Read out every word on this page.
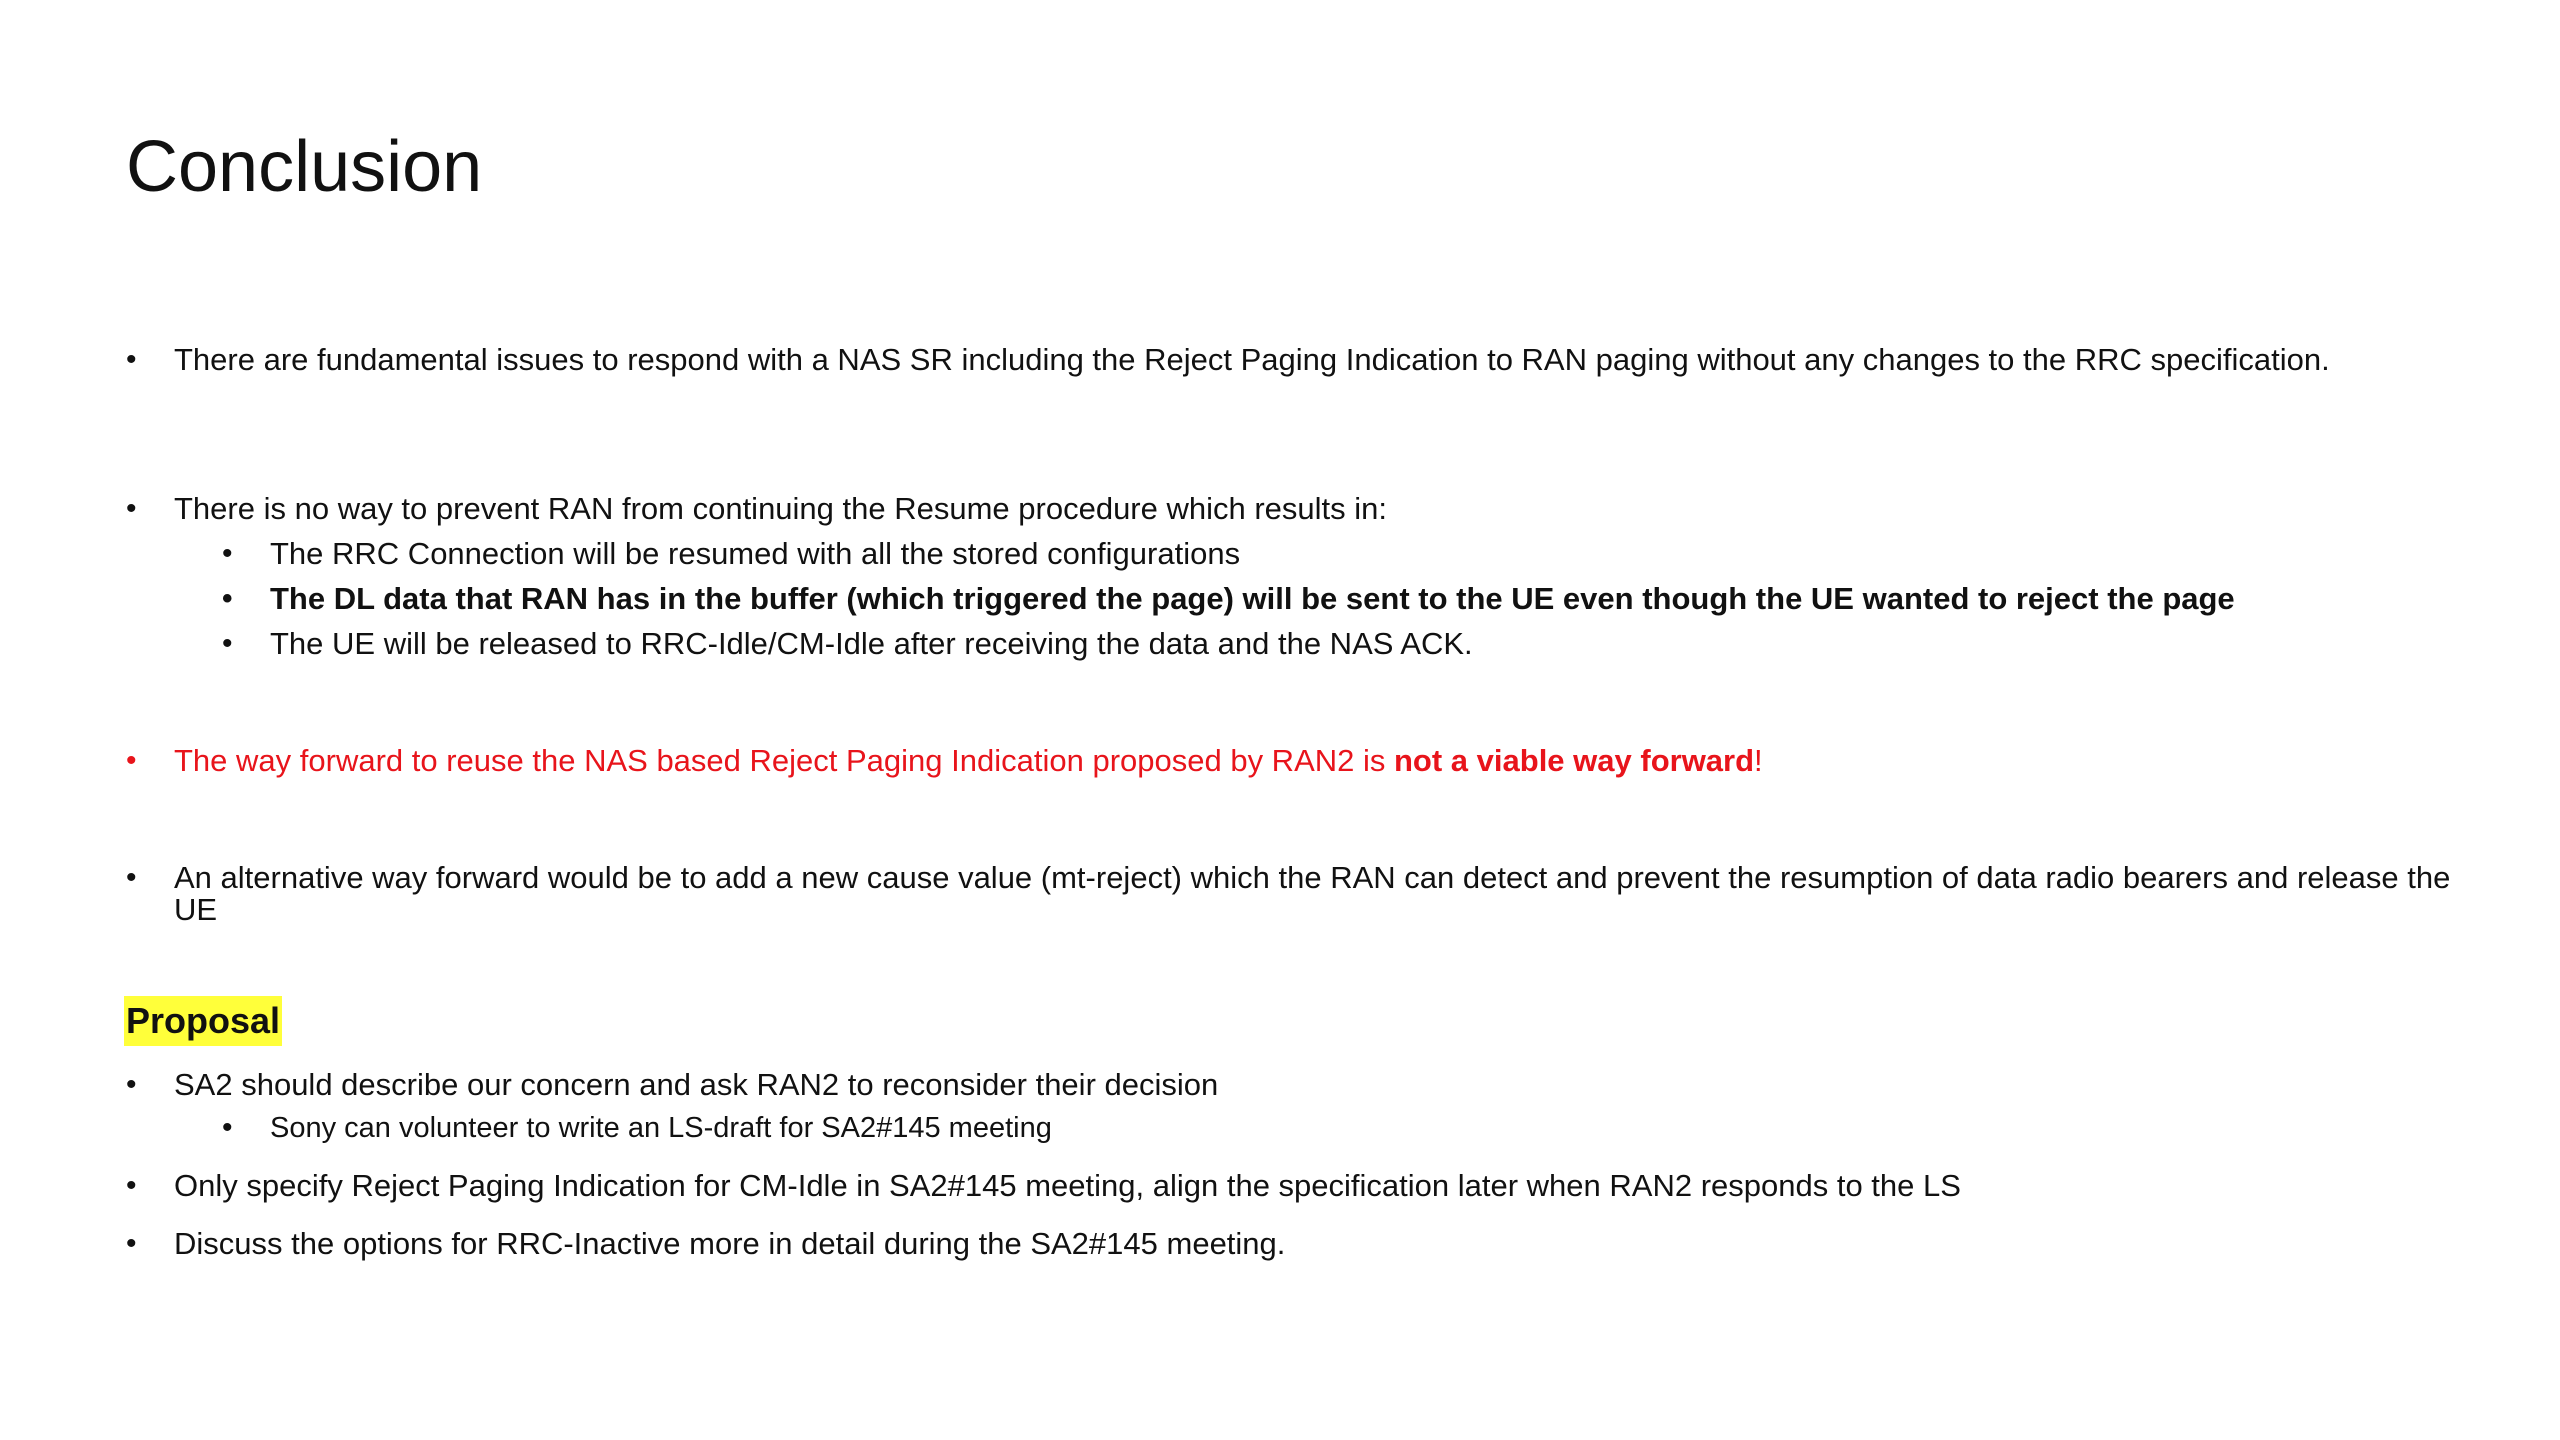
Conclusion
•	There are fundamental issues to respond with a NAS SR including the Reject Paging Indication to RAN paging without any changes to the RRC specification.
•	There is no way to prevent RAN from continuing the Resume procedure which results in:
•	The RRC Connection will be resumed with all the stored configurations
•	The DL data that RAN has in the buffer (which triggered the page) will be sent to the UE even though the UE wanted to reject the page
•	The UE will be released to RRC-Idle/CM-Idle after receiving the data and the NAS ACK.
•	The way forward to reuse the NAS based Reject Paging Indication proposed by RAN2 is not a viable way forward!
•	An alternative way forward would be to add a new cause value (mt-reject) which the RAN can detect and prevent the resumption of data radio bearers and release the UE
Proposal
•	SA2 should describe our concern and ask RAN2 to reconsider their decision
•	Sony can volunteer to write an LS-draft for SA2#145 meeting
•	Only specify Reject Paging Indication for CM-Idle in SA2#145 meeting, align the specification later when RAN2 responds to the LS
•	Discuss the options for RRC-Inactive more in detail during the SA2#145 meeting.
